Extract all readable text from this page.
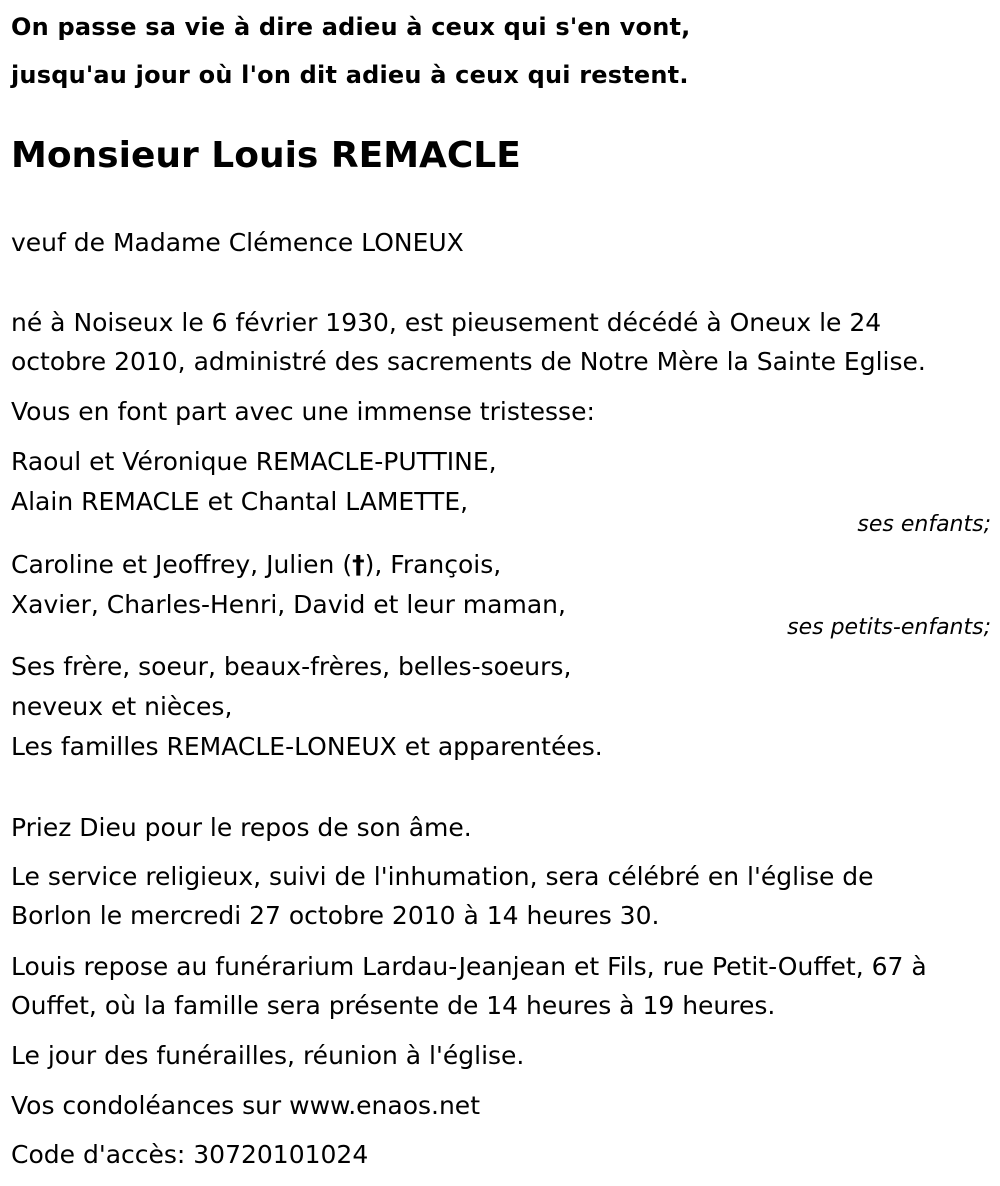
On passe sa vie à dire adieu à ceux qui s'en vont,
jusqu'au jour où l'on dit adieu à ceux qui restent.
Monsieur Louis REMACLE
veuf de Madame Clémence LONEUX
né à Noiseux le 6 février 1930, est pieusement décédé à Oneux le 24
octobre 2010, administré des sacrements de Notre Mère la Sainte Eglise.
Vous en font part avec une immense tristesse:
Raoul et Véronique REMACLE-PUTTINE,
Alain REMACLE et Chantal LAMETTE,
ses enfants;
Caroline et Jeoffrey, Julien (†), François,
Xavier, Charles-Henri, David et leur maman,
ses petits-enfants;
Ses frère, soeur, beaux-frères, belles-soeurs,
neveux et nièces,
Les familles REMACLE-LONEUX et apparentées.
Priez Dieu pour le repos de son âme.
Le service religieux, suivi de l'inhumation, sera célébré en l'église de
Borlon le mercredi 27 octobre 2010 à 14 heures 30.
Louis repose au funérarium Lardau-Jeanjean et Fils, rue Petit-Ouffet, 67 à
Ouffet, où la famille sera présente de 14 heures à 19 heures.
Le jour des funérailles, réunion à l'église.
Vos condoléances sur www.enaos.net
Code d'accès: 30720101024
